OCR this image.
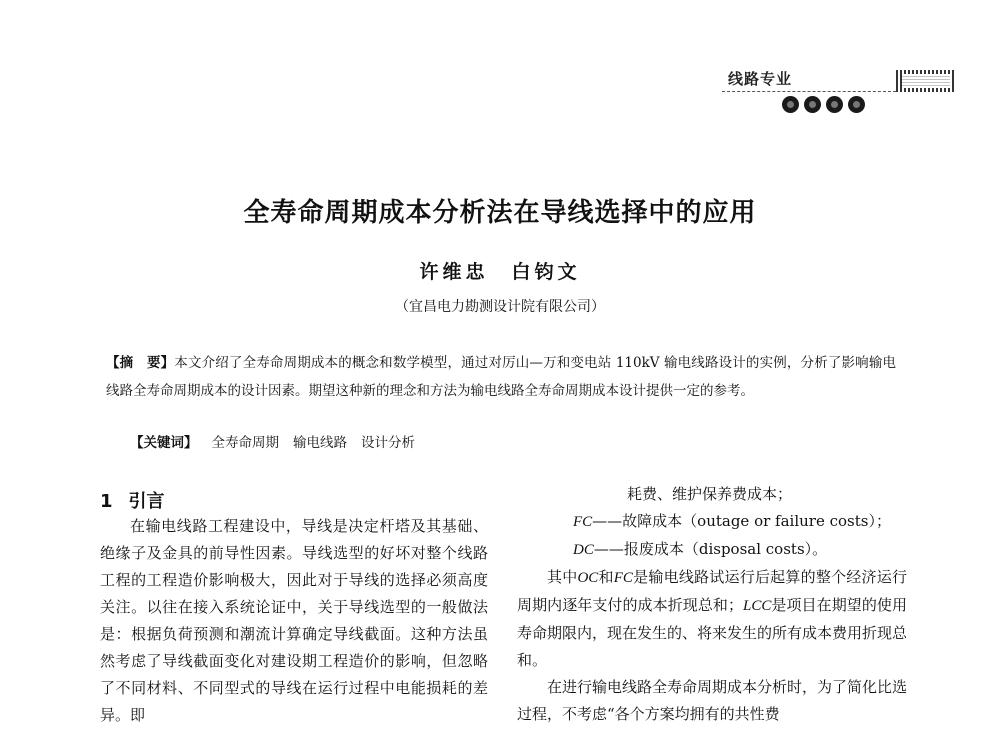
线路专业
全寿命周期成本分析法在导线选择中的应用
许维忠　白钧文
（宜昌电力勘测设计院有限公司）
【摘　要】本文介绍了全寿命周期成本的概念和数学模型，通过对厉山—万和变电站 110kV 输电线路设计的实例，分析了影响输电线路全寿命周期成本的设计因素。期望这种新的理念和方法为输电线路全寿命周期成本设计提供一定的参考。
【关键词】 全寿命周期 输电线路 设计分析
1 引言

在输电线路工程建设中，导线是决定杆塔及其基础、绝缘子及金具的前导性因素。导线选型的好坏对整个线路工程的工程造价影响极大，因此对于导线的选择必须高度关注。以往在接入系统论证中，关于导线选型的一般做法是：根据负荷预测和潮流计算确定导线截面。这种方法虽然考虑了导线截面变化对建设期工程造价的影响，但忽略了不同材料、不同型式的导线在运行过程中电能损耗的差异。即

耗费、维护保养费成本；
FC——故障成本（outage or failure costs）；
DC——报废成本（disposal costs）。

其中OC和FC是输电线路试运行后起算的整个经济运行周期内逐年支付的成本折现总和；LCC是项目在期望的使用寿命期限内，现在发生的、将来发生的所有成本费用折现总和。

在进行输电线路全寿命周期成本分析时，为了简化比选过程，不考虑“各个方案均拥有的共性费
